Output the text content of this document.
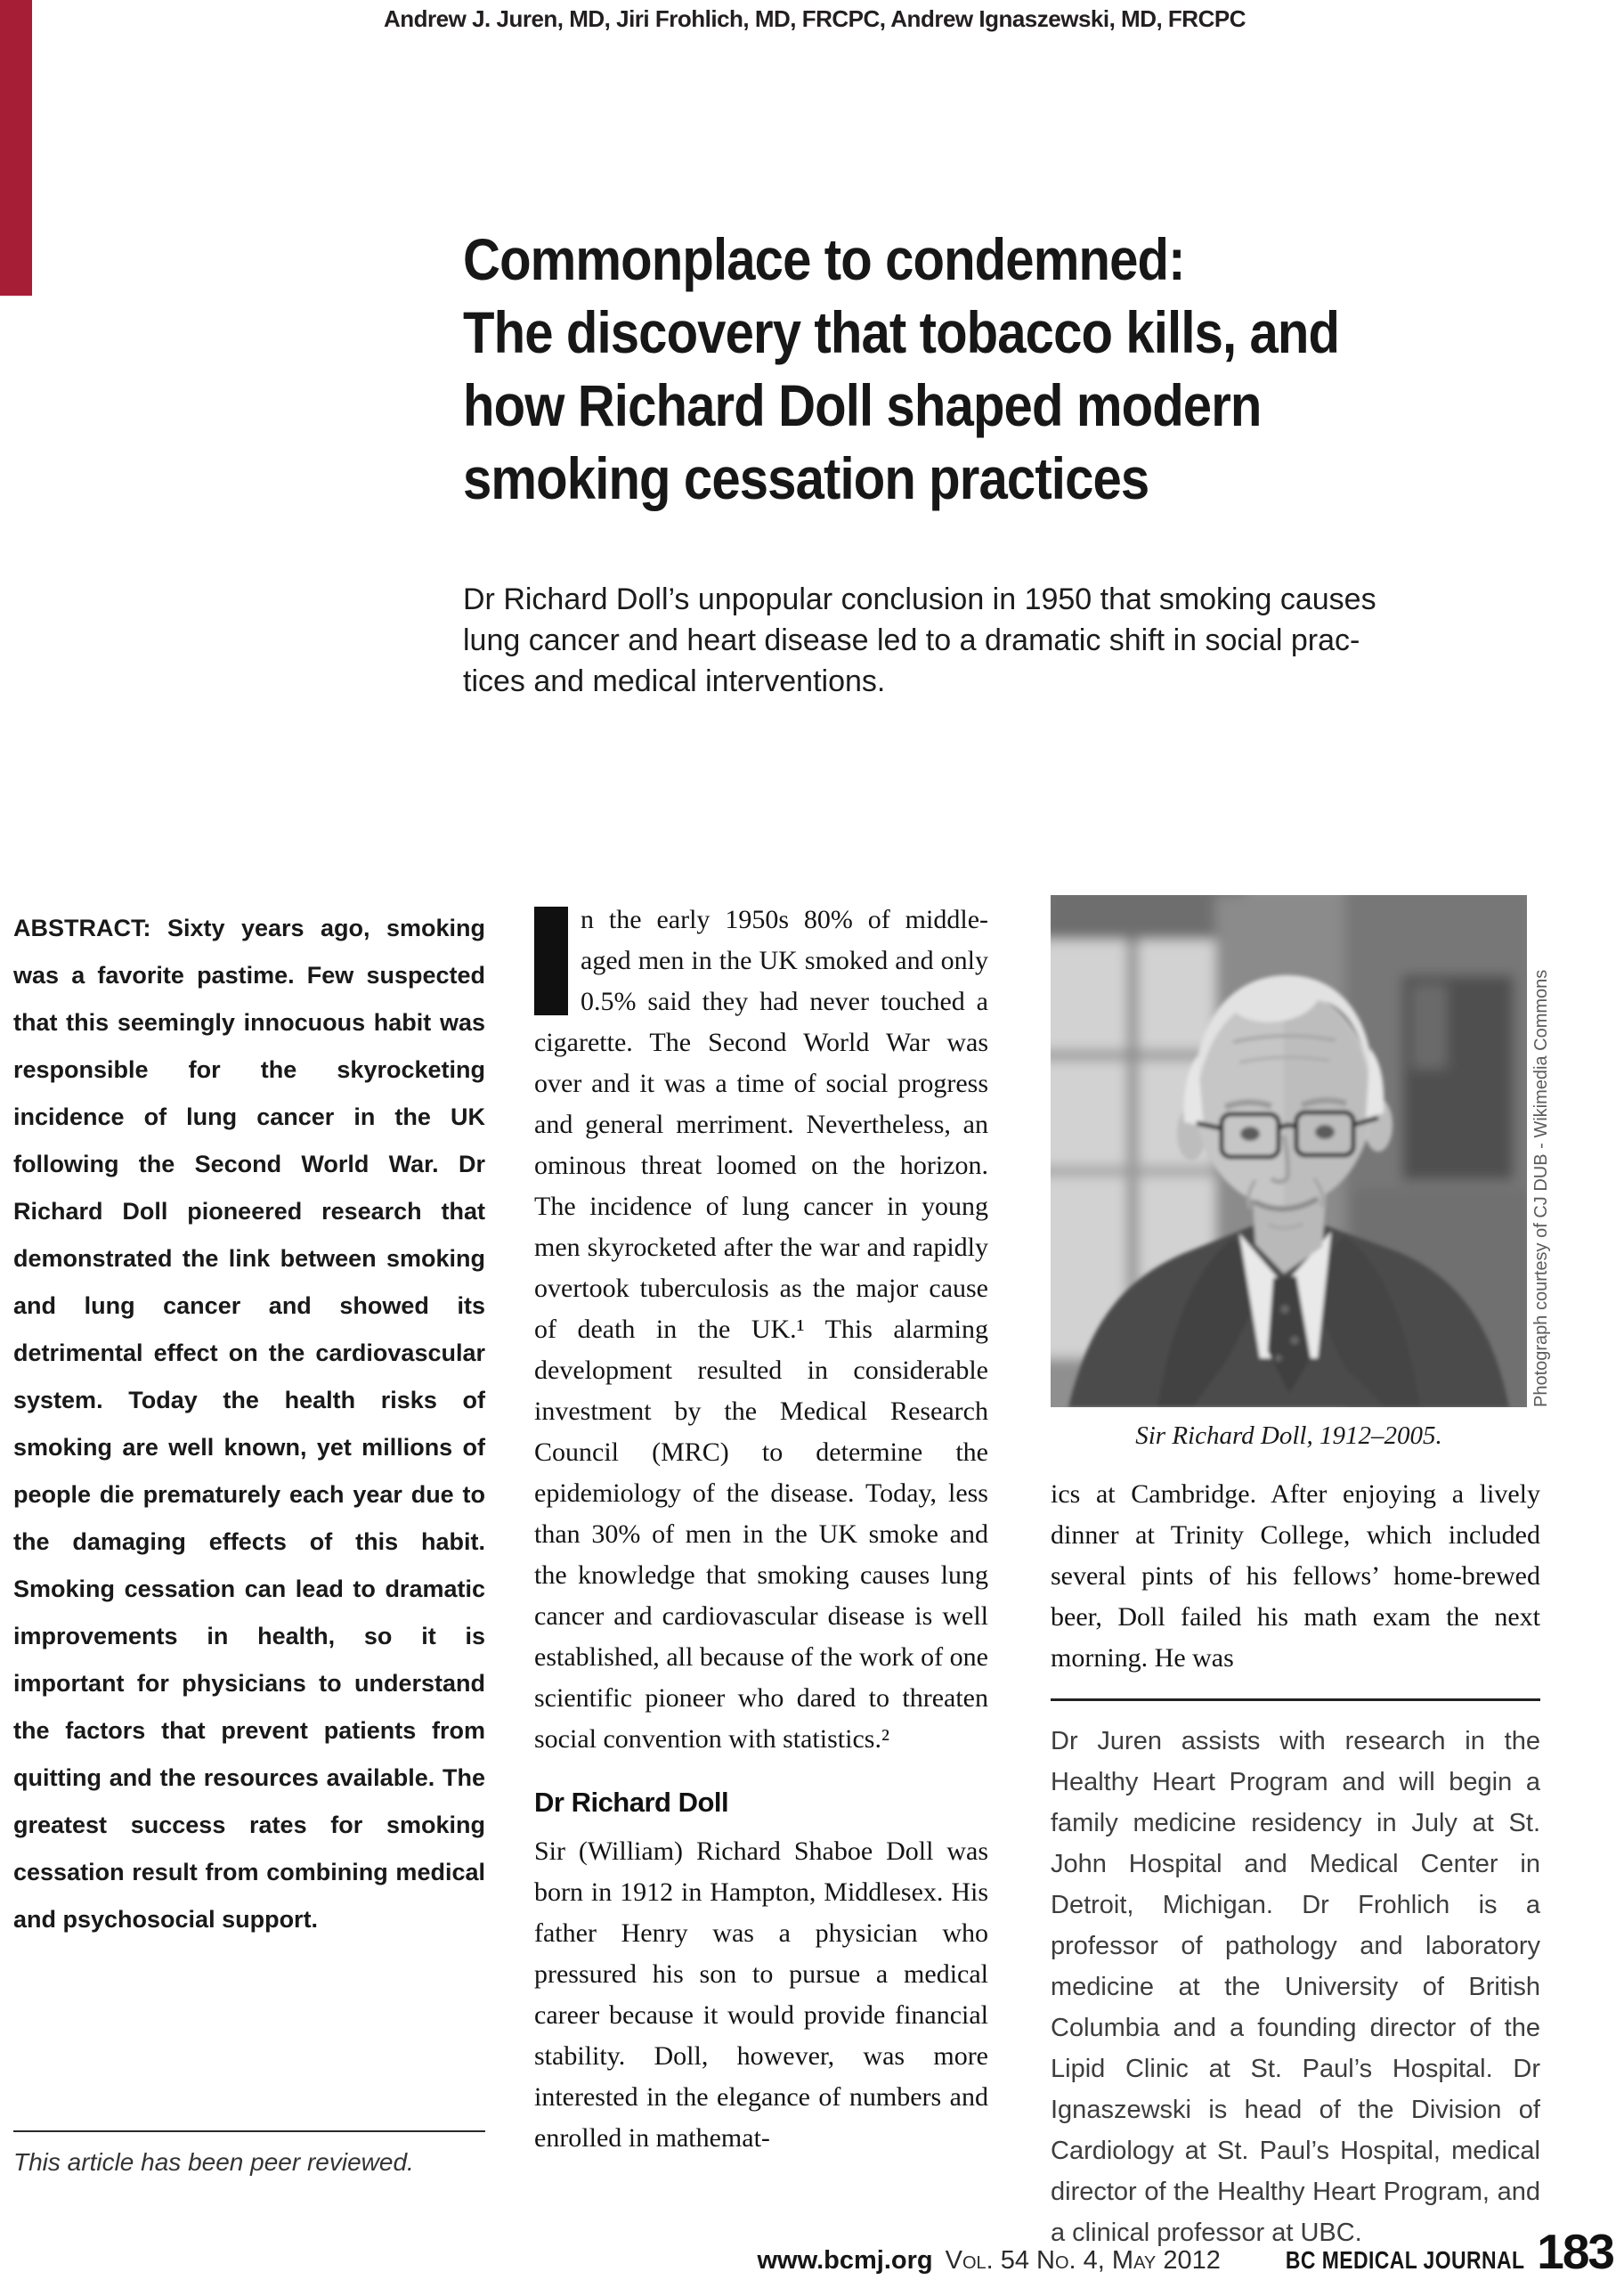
Andrew J. Juren, MD, Jiri Frohlich, MD, FRCPC, Andrew Ignaszewski, MD, FRCPC
Commonplace to condemned:
The discovery that tobacco kills, and
how Richard Doll shaped modern
smoking cessation practices
Dr Richard Doll’s unpopular conclusion in 1950 that smoking causes
lung cancer and heart disease led to a dramatic shift in social prac-
tices and medical interventions.

ABSTRACT: Sixty years ago, smoking was a favorite pastime. Few suspected that this seemingly innocuous habit was responsible for the skyrocketing incidence of lung cancer in the UK following the Second World War. Dr Richard Doll pioneered research that demonstrated the link between smoking and lung cancer and showed its detrimental effect on the cardiovascular system. Today the health risks of smoking are well known, yet millions of people die prematurely each year due to the damaging effects of this habit. Smoking cessation can lead to dramatic improvements in health, so it is important for physicians to understand the factors that prevent patients from quitting and the resources available. The greatest success rates for smoking cessation result from combining medical and psychosocial support.

This article has been peer reviewed.

n the early 1950s 80% of middle-aged men in the UK smoked and only 0.5% said they had never touched a cigarette. The Second World War was over and it was a time of social progress and general merriment. Nevertheless, an ominous threat loomed on the horizon. The incidence of lung cancer in young men skyrocketed after the war and rapidly overtook tuberculosis as the major cause of death in the UK.¹ This alarming development resulted in considerable investment by the Medical Research Council (MRC) to determine the epidemiology of the disease. Today, less than 30% of men in the UK smoke and the knowledge that smoking causes lung cancer and cardiovascular disease is well established, all because of the work of one scientific pioneer who dared to threaten social convention with statistics.²

Dr Richard Doll

Sir (William) Richard Shaboe Doll was born in 1912 in Hampton, Middlesex. His father Henry was a physician who pressured his son to pursue a medical career because it would provide financial stability. Doll, however, was more interested in the elegance of numbers and enrolled in mathemat-

Photograph courtesy of CJ DUB - Wikimedia Commons
Sir Richard Doll, 1912–2005.

ics at Cambridge. After enjoying a lively dinner at Trinity College, which included several pints of his fellows’ home-brewed beer, Doll failed his math exam the next morning. He was

Dr Juren assists with research in the Healthy Heart Program and will begin a family medicine residency in July at St. John Hospital and Medical Center in Detroit, Michigan. Dr Frohlich is a professor of pathology and laboratory medicine at the University of British Columbia and a founding director of the Lipid Clinic at St. Paul’s Hospital. Dr Ignaszewski is head of the Division of Cardiology at St. Paul’s Hospital, medical director of the Healthy Heart Program, and a clinical professor at UBC.

www.bcmj.org Vol. 54 No. 4, May 2012	BC MEDICAL JOURNAL 183
